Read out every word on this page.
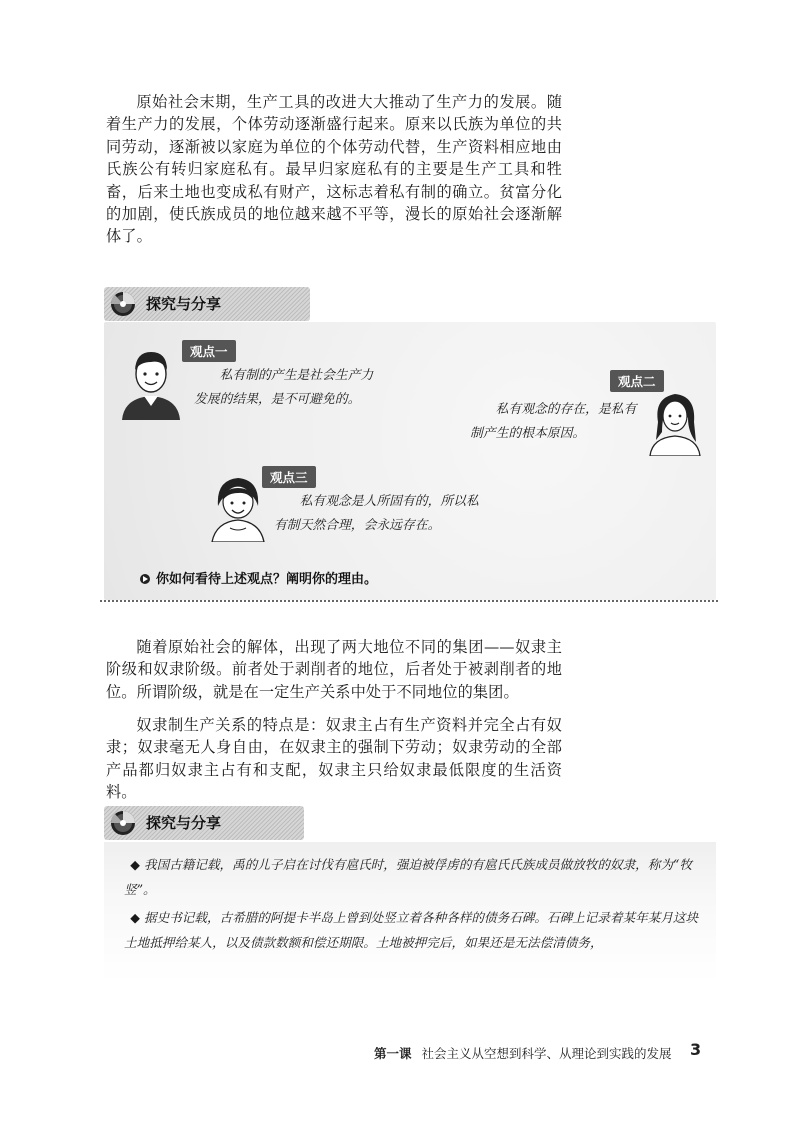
原始社会末期，生产工具的改进大大推动了生产力的发展。随着生产力的发展，个体劳动逐渐盛行起来。原来以氏族为单位的共同劳动，逐渐被以家庭为单位的个体劳动代替，生产资料相应地由氏族公有转归家庭私有。最早归家庭私有的主要是生产工具和牲畜，后来土地也变成私有财产，这标志着私有制的确立。贫富分化的加剧，使氏族成员的地位越来越不平等，漫长的原始社会逐渐解体了。

探究与分享
观点一

私有制的产生是社会生产力发展的结果，是不可避免的。

观点二

私有观念的存在，是私有制产生的根本原因。

观点三

私有观念是人所固有的，所以私有制天然合理，会永远存在。

你如何看待上述观点？阐明你的理由。

随着原始社会的解体，出现了两大地位不同的集团——奴隶主阶级和奴隶阶级。前者处于剥削者的地位，后者处于被剥削者的地位。所谓阶级，就是在一定生产关系中处于不同地位的集团。

奴隶制生产关系的特点是：奴隶主占有生产资料并完全占有奴隶；奴隶毫无人身自由，在奴隶主的强制下劳动；奴隶劳动的全部产品都归奴隶主占有和支配，奴隶主只给奴隶最低限度的生活资料。

探究与分享

◆ 我国古籍记载，禹的儿子启在讨伐有扈氏时，强迫被俘虏的有扈氏氏族成员做放牧的奴隶，称为“牧竖”。

◆ 据史书记载，古希腊的阿提卡半岛上曾到处竖立着各种各样的债务石碑。石碑上记录着某年某月这块土地抵押给某人，以及债款数额和偿还期限。土地被押完后，如果还是无法偿清债务，

第一课 社会主义从空想到科学、从理论到实践的发展 3
